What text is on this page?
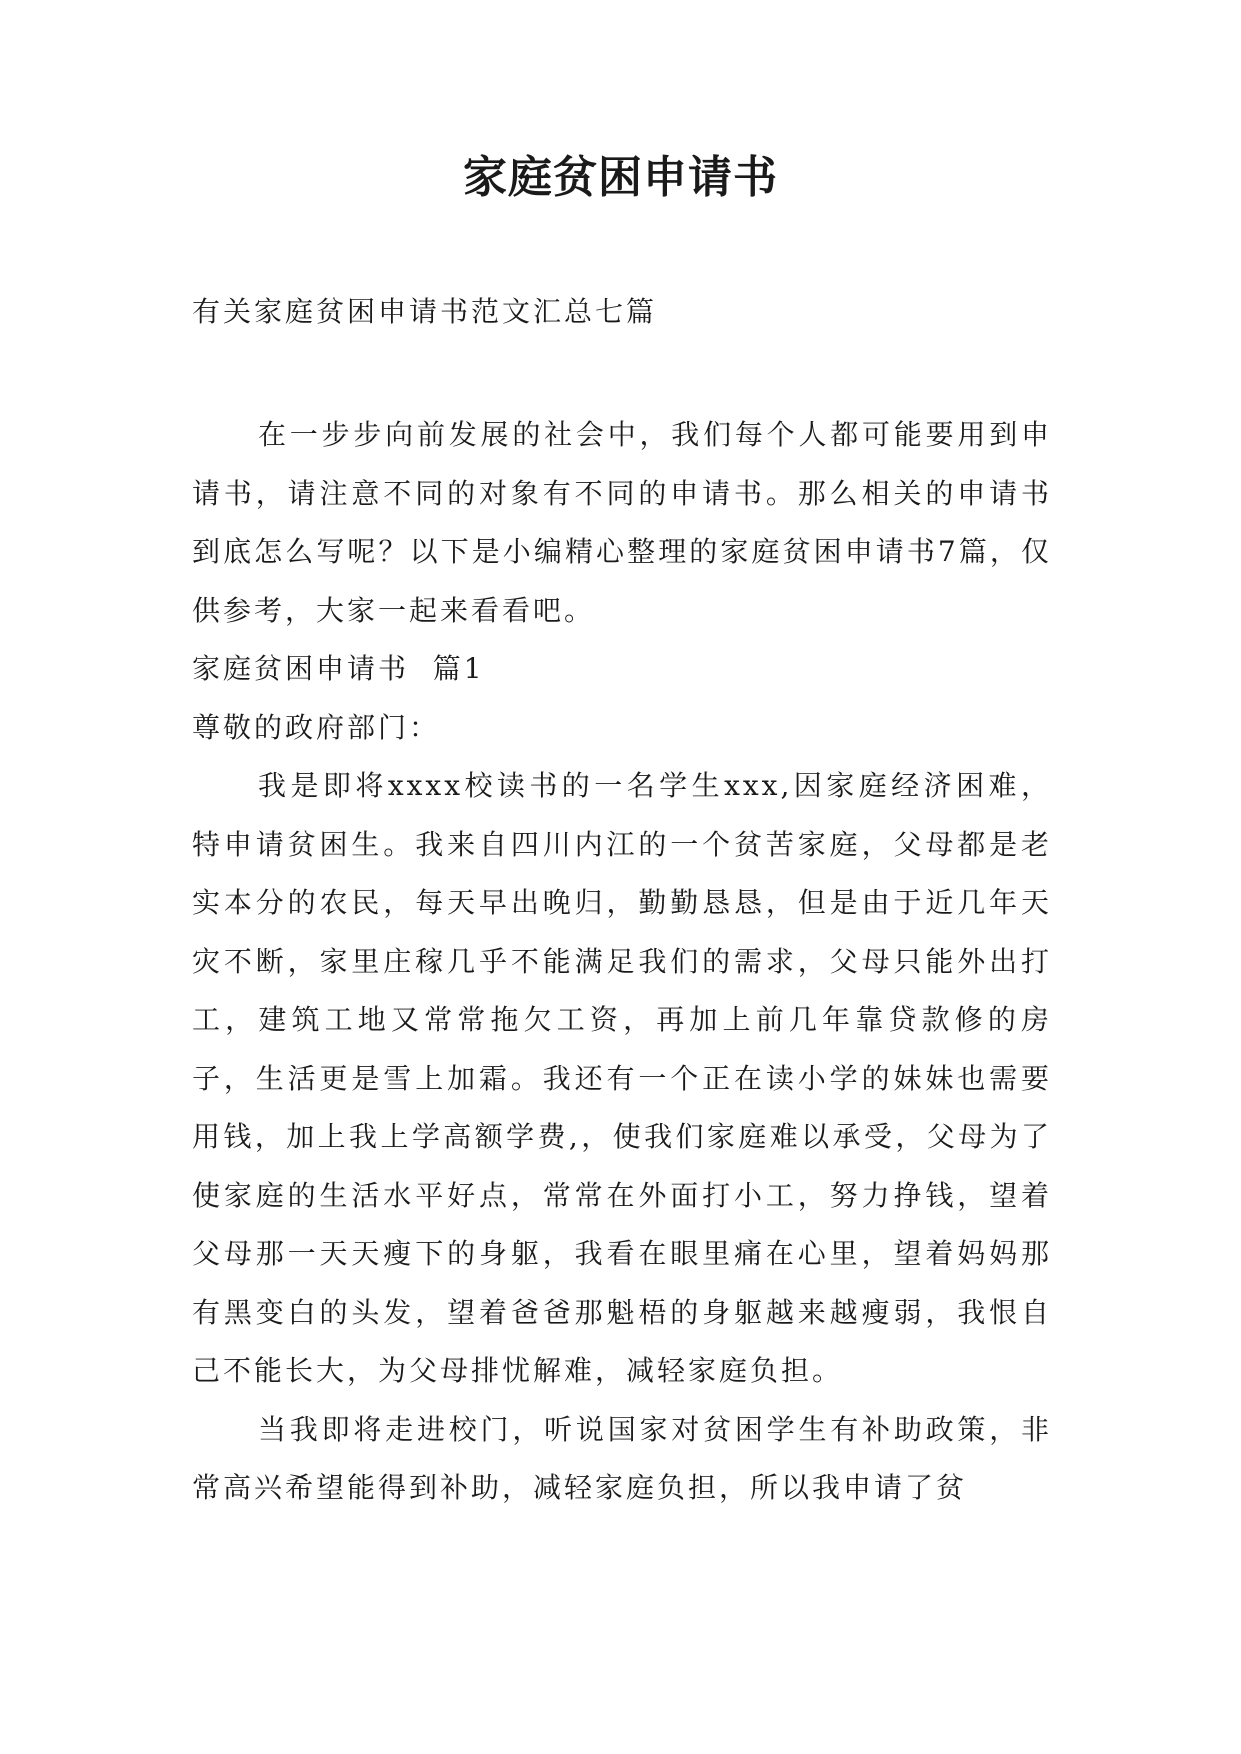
家庭贫困申请书

有关家庭贫困申请书范文汇总七篇

在一步步向前发展的社会中，我们每个人都可能要用到申请书，请注意不同的对象有不同的申请书。那么相关的申请书到底怎么写呢？以下是小编精心整理的家庭贫困申请书7篇，仅供参考，大家一起来看看吧。

家庭贫困申请书  篇1

尊敬的政府部门：

我是即将xxxx校读书的一名学生xxx,因家庭经济困难，特申请贫困生。我来自四川内江的一个贫苦家庭，父母都是老实本分的农民，每天早出晚归，勤勤恳恳，但是由于近几年天灾不断，家里庄稼几乎不能满足我们的需求，父母只能外出打工，建筑工地又常常拖欠工资，再加上前几年靠贷款修的房子，生活更是雪上加霜。我还有一个正在读小学的妹妹也需要用钱，加上我上学高额学费,，使我们家庭难以承受，父母为了使家庭的生活水平好点，常常在外面打小工，努力挣钱，望着父母那一天天瘦下的身躯，我看在眼里痛在心里，望着妈妈那有黑变白的头发，望着爸爸那魁梧的身躯越来越瘦弱，我恨自己不能长大，为父母排忧解难，减轻家庭负担。

当我即将走进校门，听说国家对贫困学生有补助政策，非常高兴希望能得到补助，减轻家庭负担，所以我申请了贫
